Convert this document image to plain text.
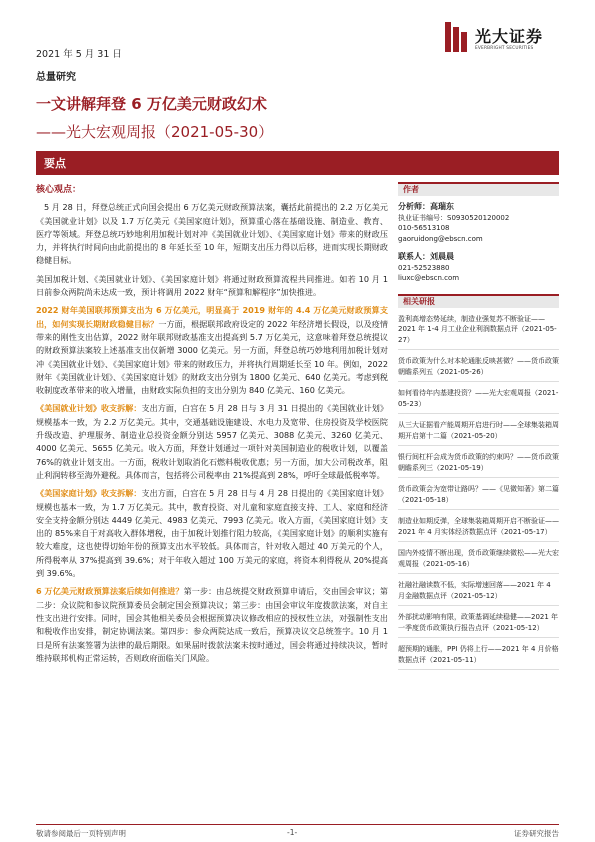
2021 年 5 月 31 日
光大证券
EVERBRIGHT SECURITIES
总量研究
一文讲解拜登 6 万亿美元财政幻术
——光大宏观周报（2021-05-30）
要点
核心观点：

5 月 28 日，拜登总统正式向国会提出 6 万亿美元财政预算法案，囊括此前提出的 2.2 万亿美元《美国就业计划》以及 1.7 万亿美元《美国家庭计划》，预算重心落在基础设施、制造业、教育、医疗等领域。拜登总统巧妙地利用加税计划对冲《美国就业计划》、《美国家庭计划》带来的财政压力，并将执行时间向由此前提出的 8 年延长至 10 年，短期支出压力得以后移，进而实现长期财政稳健目标。

美国加税计划、《美国就业计划》、《美国家庭计划》将通过财政预算流程共同推进。如若 10 月 1 日前参众两院尚未达成一致，预计将调用 2022 财年“预算和解程序”加快推进。

2022 财年美国联邦预算支出为 6 万亿美元，明显高于 2019 财年的 4.4 万亿美元财政预算支出，如何实现长期财政稳健目标？一方面，根据联邦政府设定的 2022 年经济增长假设，以及疫情带来的刚性支出估算，2022 财年联邦财政基准支出提高到 5.7 万亿美元，这意味着拜登总统提议的财政预算法案较上述基准支出仅新增 3000 亿美元。另一方面，拜登总统巧妙地利用加税计划对冲《美国就业计划》、《美国家庭计划》带来的财政压力，并将执行周期延长至 10 年。例如，2022 财年《美国就业计划》、《美国家庭计划》的财政支出分别为 1800 亿美元、640 亿美元。考虑到税收制度改革带来的收入增量，由财政实际负担的支出分别为 840 亿美元、160 亿美元。

《美国就业计划》收支拆解：支出方面，白宫在 5 月 28 日与 3 月 31 日提出的《美国就业计划》规模基本一致，为 2.2 万亿美元。其中，交通基础设施建设、水电力及宽带、住房投资及学校医院升级改造、护理服务、制造业总投资金额分别达 5957 亿美元、3088 亿美元、3260 亿美元、4000 亿美元、5655 亿美元。收入方面，拜登计划通过一项针对美国制造业的税收计划，以覆盖 76%的就业计划支出。一方面，税收计划取消化石燃料税收优惠；另一方面，加大公司税改革，阻止利润转移至海外避税。具体而言，包括将公司税率由 21%提高到 28%，呼吁全球最低税率等。

《美国家庭计划》收支拆解：支出方面，白宫在 5 月 28 日与 4 月 28 日提出的《美国家庭计划》规模也基本一致，为 1.7 万亿美元。其中，教育投资、对儿童和家庭直接支持、工人、家庭和经济安全支持金额分别达 4449 亿美元、4983 亿美元、7993 亿美元。收入方面，《美国家庭计划》支出的 85%来自于对高收入群体增税，由于加税计划推行阻力较高，《美国家庭计划》的顺利实施有较大难度，这也使得切始年份的预算支出水平较低。具体而言，针对收入超过 40 万美元的个人，所得税率从 37%提高到 39.6%；对于年收入超过 100 万美元的家庭，将资本利得税从 20%提高到 39.6%。

6 万亿美元财政预算法案后续如何推进？第一步：由总统提交财政预算申请后，交由国会审议；第二步：众议院和参议院预算委员会制定国会预算决议；第三步：由国会审议年度拨款法案，对自主性支出进行安排。同时，国会其他相关委员会根据预算决议修改相应的授权性立法，对强制性支出和税收作出安排，制定协调法案。第四步：参众两院达成一致后，预算决议交总统签字。10 月 1 日是所有法案签署为法律的最后期限。如果届时拨款法案未按时通过，国会将通过持续决议，暂时维持联邦机构正常运转，否则政府面临关门风险。

作者
分析师：高瑞东
执业证书编号：S0930520120002
010-56513108
gaoruidong@ebscn.com
联系人：刘晨晨
021-52523880
liuxc@ebscn.com
相关研报
盈利高增态势延续，制造业强复苏不断验证——2021 年 1-4 月工业企业利润数据点评（2021-05-27）
货币政策为什么对本轮通胀反映甚微？——货币政策朝瞻系列五（2021-05-26）
如何看待年内基建投资？——光大宏观周报（2021-05-23）
从三大证据看产能周期开启进行时——全球集装箱周期开启第十二篇（2021-05-20）
银行间杠杆会成为货币政策的约束吗？——货币政策朝瞻系列三（2021-05-19）
货币政策会为宽带让路吗？——《见微知著》第二篇（2021-05-18）
制造业如期反弹，全球集装箱周期开启不断验证——2021 年 4 月实体经济数据点评（2021-05-17）
国内外疫情不断出现，货币政策继续微松——光大宏观周报（2021-05-16）
社融社融读数不低，实际增速回落——2021 年 4 月金融数据点评（2021-05-12）
外部扰动影响有限，政策基调延续稳健——2021 年一季度货币政策执行报告点评（2021-05-12）
超预期的通胀，PPI 仍将上行——2021 年 4 月价格数据点评（2021-05-11）
敬请参阅最后一页特别声明	-1-	证券研究报告
